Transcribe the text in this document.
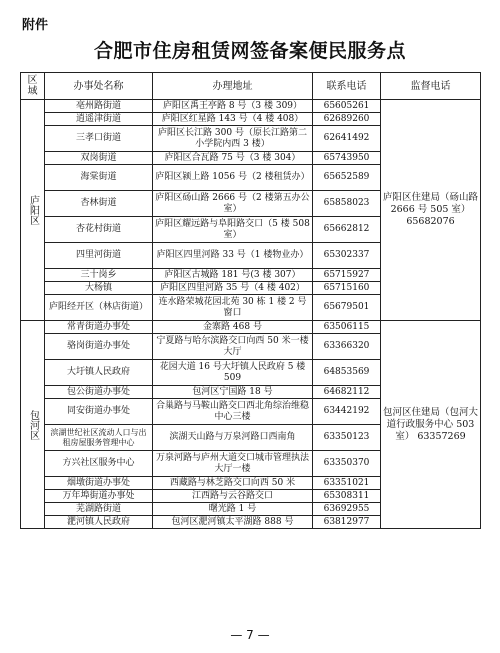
附件
合肥市住房租赁网签备案便民服务点
区域	办事处名称	办理地址	联系电话	监督电话
庐阳区	亳州路街道	庐阳区禹王亭路 8 号（3 楼 309）	65605261	庐阳区住建局（砀山路 2666 号 505 室） 65682076
	逍遥津街道	庐阳区红星路 143 号（4 楼 408）	62689260	
	三孝口街道	庐阳区长江路 300 号（原长江路第二小学院内西 3 楼）	62641492	
	双岗街道	庐阳区合瓦路 75 号（3 楼 304）	65743950	
	海棠街道	庐阳区颍上路 1056 号（2 楼租赁办）	65652589	
	杏林街道	庐阳区砀山路 2666 号（2 楼第五办公室）	65858023	
	杏花村街道	庐阳区耀远路与阜阳路交口（5 楼 508 室）	65662812	
	四里河街道	庐阳区四里河路 33 号（1 楼物业办）	65302337	
	三十岗乡	庐阳区古城路 181 号(3 楼 307）	65715927	
	大杨镇	庐阳区四里河路 35 号（4 楼 402）	65715160	
	庐阳经开区（林店街道）	连水路荣城花园北苑 30 栋 1 楼 2 号窗口	65679501	
包河区	常青街道办事处	金寨路 468 号	63506115	包河区住建局（包河大道行政服务中心 503 室） 63357269
	骆岗街道办事处	宁夏路与哈尔滨路交口向西 50 米一楼大厅	63366320	
	大圩镇人民政府	花园大道 16 号大圩镇人民政府 5 楼 509	64853569	
	包公街道办事处	包河区宁国路 18 号	64682112	
	同安街道办事处	合巢路与马鞍山路交口西北角综治维稳中心三楼	63442192	
	滨湖世纪社区流动人口与出租房屋服务管理中心	滨湖天山路与万泉河路口西南角	63350123	
	方兴社区服务中心	万泉河路与庐州大道交口城市管理执法大厅一楼	63350370	
	烟墩街道办事处	西藏路与林芝路交口向西 50 米	63351021	
	万年埠街道办事处	江西路与云谷路交口	65308311	
	芜湖路街道	曙光路 1 号	63692955	
	淝河镇人民政府	包河区淝河镇太平湖路 888 号	63812977	
— 7 —
